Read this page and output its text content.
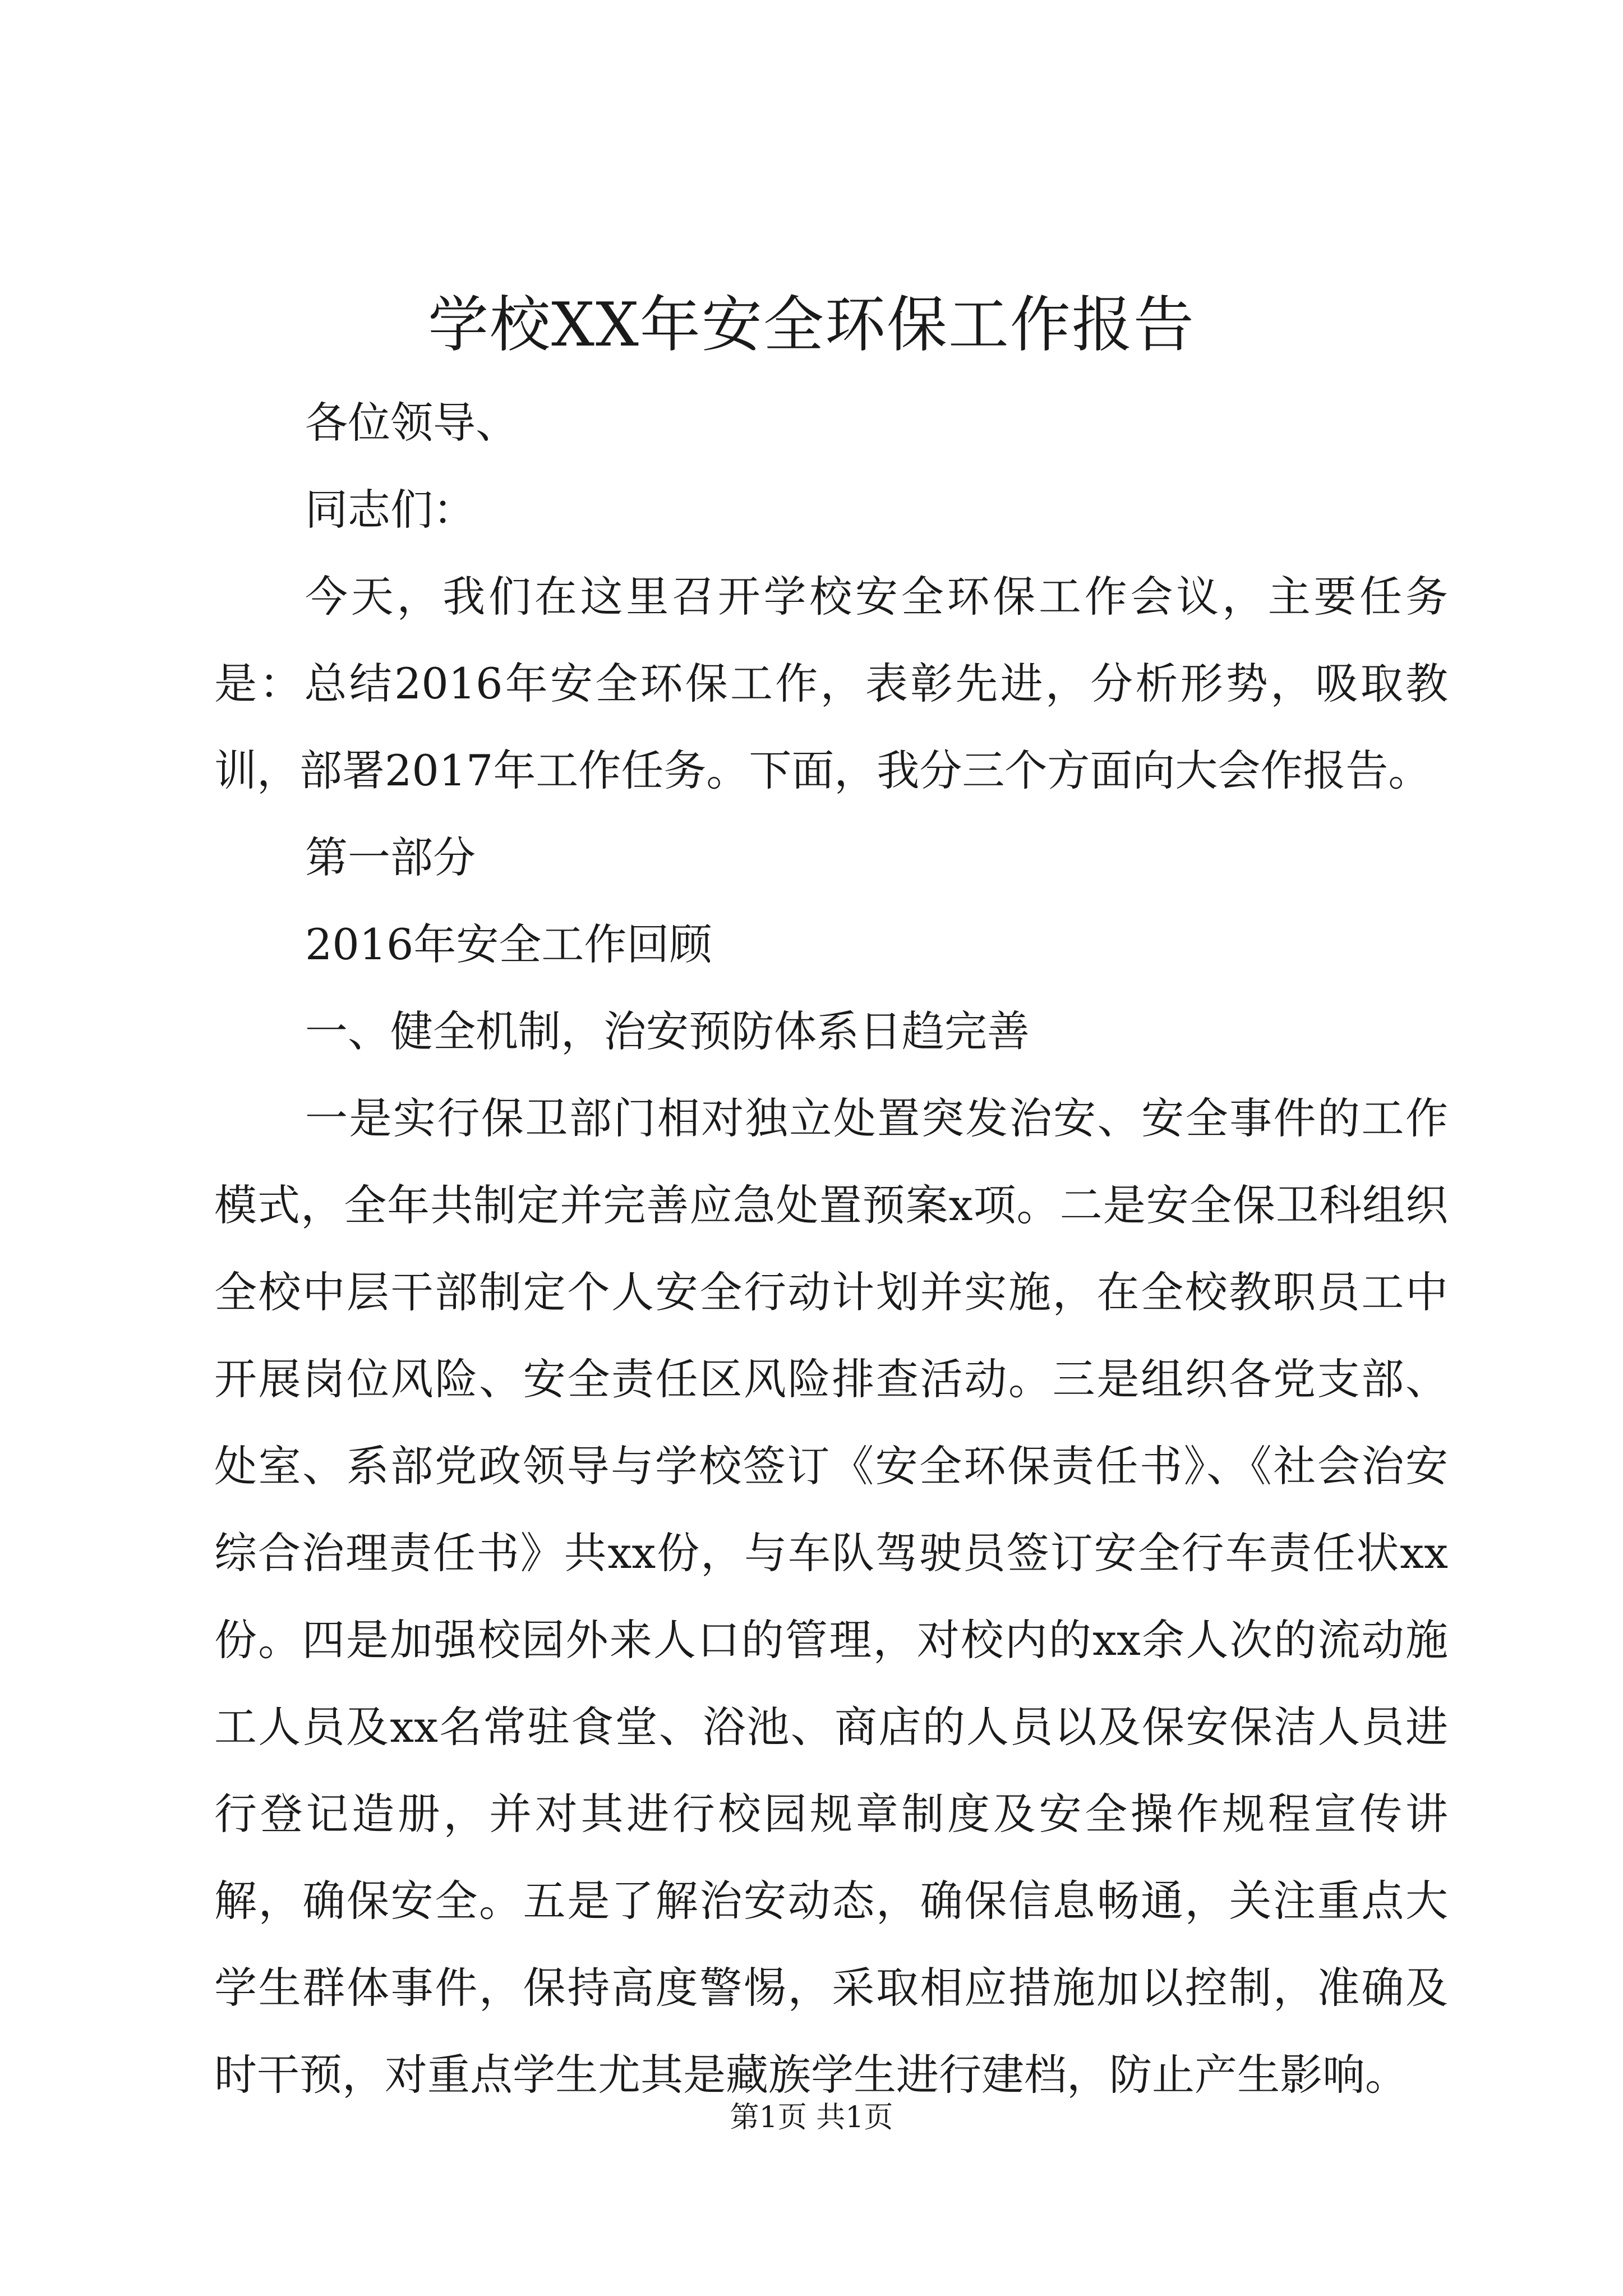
学校XX年安全环保工作报告

各位领导、

同志们：

今天，我们在这里召开学校安全环保工作会议，主要任务是：总结2016年安全环保工作，表彰先进，分析形势，吸取教训，部署2017年工作任务。下面，我分三个方面向大会作报告。

第一部分

2016年安全工作回顾

一、健全机制，治安预防体系日趋完善

一是实行保卫部门相对独立处置突发治安、安全事件的工作模式，全年共制定并完善应急处置预案x项。二是安全保卫科组织全校中层干部制定个人安全行动计划并实施，在全校教职员工中开展岗位风险、安全责任区风险排查活动。三是组织各党支部、处室、系部党政领导与学校签订《安全环保责任书》、《社会治安综合治理责任书》共xx份，与车队驾驶员签订安全行车责任状xx份。四是加强校园外来人口的管理，对校内的xx余人次的流动施工人员及xx名常驻食堂、浴池、商店的人员以及保安保洁人员进行登记造册，并对其进行校园规章制度及安全操作规程宣传讲解，确保安全。五是了解治安动态，确保信息畅通，关注重点大学生群体事件，保持高度警惕，采取相应措施加以控制，准确及时干预，对重点学生尤其是藏族学生进行建档，防止产生影响。

第1页 共1页
